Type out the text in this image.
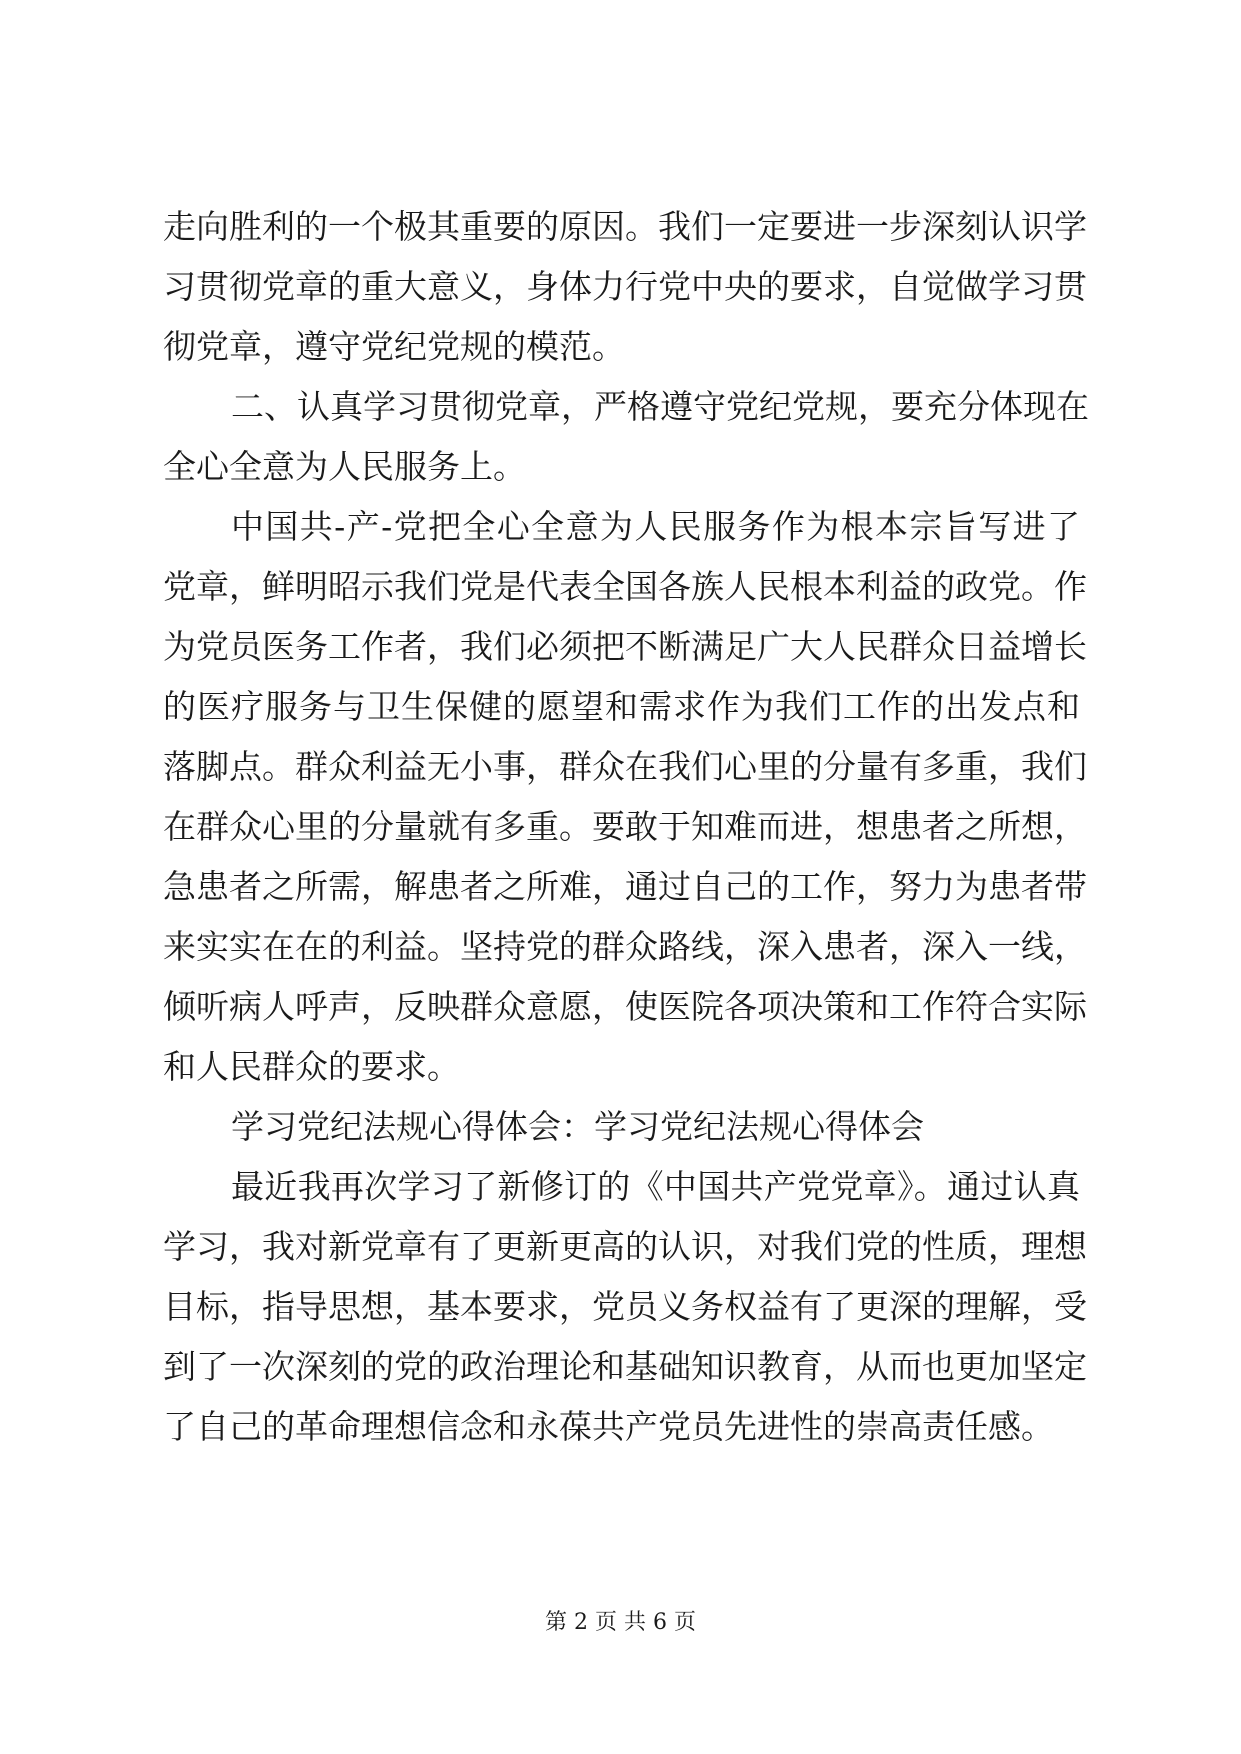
走向胜利的一个极其重要的原因。我们一定要进一步深刻认识学
习贯彻党章的重大意义，身体力行党中央的要求，自觉做学习贯
彻党章，遵守党纪党规的模范。
二、认真学习贯彻党章，严格遵守党纪党规，要充分体现在
全心全意为人民服务上。
中国共-产-党把全心全意为人民服务作为根本宗旨写进了
党章，鲜明昭示我们党是代表全国各族人民根本利益的政党。作
为党员医务工作者，我们必须把不断满足广大人民群众日益增长
的医疗服务与卫生保健的愿望和需求作为我们工作的出发点和
落脚点。群众利益无小事，群众在我们心里的分量有多重，我们
在群众心里的分量就有多重。要敢于知难而进，想患者之所想，
急患者之所需，解患者之所难，通过自己的工作，努力为患者带
来实实在在的利益。坚持党的群众路线，深入患者，深入一线，
倾听病人呼声，反映群众意愿，使医院各项决策和工作符合实际
和人民群众的要求。
学习党纪法规心得体会：学习党纪法规心得体会
最近我再次学习了新修订的《中国共产党党章》。通过认真
学习，我对新党章有了更新更高的认识，对我们党的性质，理想
目标，指导思想，基本要求，党员义务权益有了更深的理解，受
到了一次深刻的党的政治理论和基础知识教育，从而也更加坚定
了自己的革命理想信念和永葆共产党员先进性的崇高责任感。
第 2 页 共 6 页
